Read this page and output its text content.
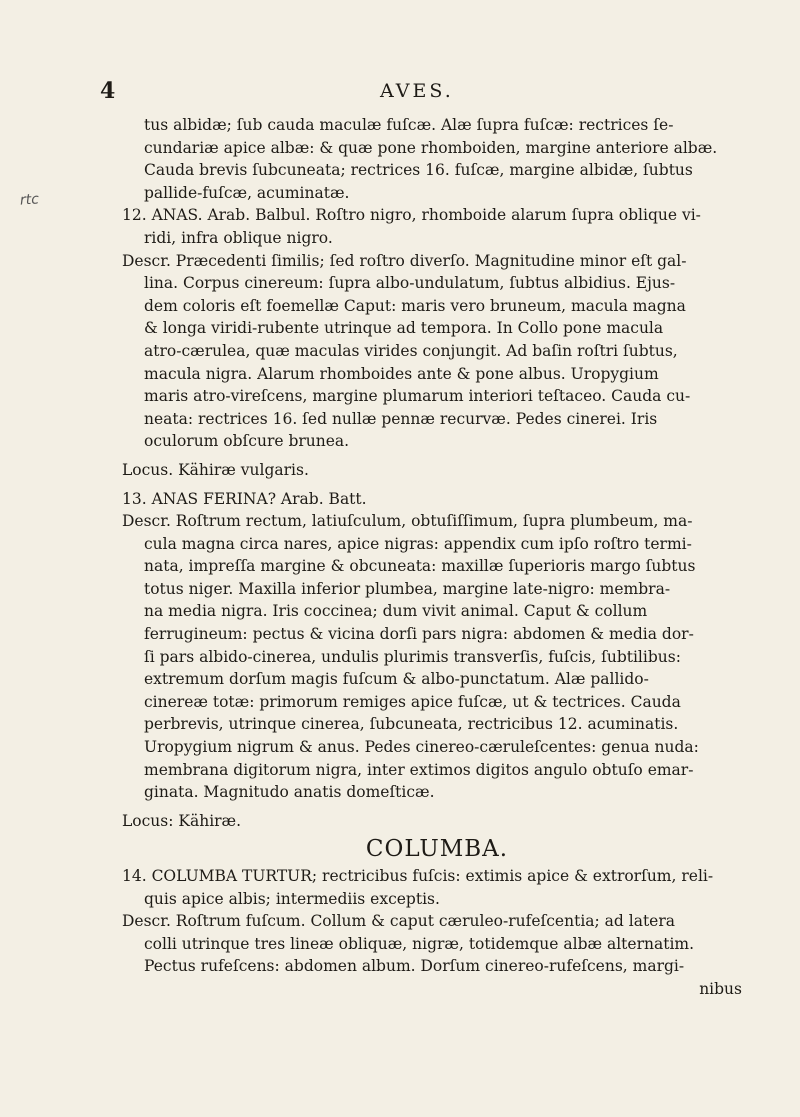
4	AVES.
rtc
tus albidæ; ſub cauda maculæ fuſcæ. Alæ ſupra fuſcæ: rectrices ſe-
cundariæ apice albæ: & quæ pone rhomboiden, margine anteriore albæ.
Cauda brevis ſubcuneata; rectrices 16. fuſcæ, margine albidæ, ſubtus
pallide-fuſcæ, acuminatæ.
12. ANAS. Arab. Balbul. Roſtro nigro, rhomboide alarum ſupra oblique vi-
ridi, infra oblique nigro.
Descr. Præcedenti ſimilis; ſed roſtro diverſo. Magnitudine minor eſt gal-
lina. Corpus cinereum: ſupra albo-undulatum, ſubtus albidius. Ejus-
dem coloris eſt foemellæ Caput: maris vero bruneum, macula magna
& longa viridi-rubente utrinque ad tempora. In Collo pone macula
atro-cærulea, quæ maculas virides conjungit. Ad baſin roſtri ſubtus,
macula nigra. Alarum rhomboides ante & pone albus. Uropygium
maris atro-vireſcens, margine plumarum interiori teſtaceo. Cauda cu-
neata: rectrices 16. ſed nullæ pennæ recurvæ. Pedes cinerei. Iris
oculorum obſcure brunea.
Locus. Kähiræ vulgaris.
13. ANAS FERINA? Arab. Batt.
Descr. Roſtrum rectum, latiuſculum, obtuſiſſimum, ſupra plumbeum, ma-
cula magna circa nares, apice nigras: appendix cum ipſo roſtro termi-
nata, impreſſa margine & obcuneata: maxillæ ſuperioris margo ſubtus
totus niger. Maxilla inferior plumbea, margine late-nigro: membra-
na media nigra. Iris coccinea; dum vivit animal. Caput & collum
ferrugineum: pectus & vicina dorſi pars nigra: abdomen & media dor-
ſi pars albido-cinerea, undulis plurimis transverſis, fuſcis, ſubtilibus:
extremum dorſum magis fuſcum & albo-punctatum. Alæ pallido-
cinereæ totæ: primorum remiges apice fuſcæ, ut & tectrices. Cauda
perbrevis, utrinque cinerea, ſubcuneata, rectricibus 12. acuminatis.
Uropygium nigrum & anus. Pedes cinereo-cæruleſcentes: genua nuda:
membrana digitorum nigra, inter extimos digitos angulo obtuſo emar-
ginata. Magnitudo anatis domeſticæ.
Locus: Kähiræ.
COLUMBA.
14. COLUMBA TURTUR; rectricibus fuſcis: extimis apice & extrorſum, reli-
quis apice albis; intermediis exceptis.
Descr. Roſtrum fuſcum. Collum & caput cæruleo-rufeſcentia; ad latera
colli utrinque tres lineæ obliquæ, nigræ, totidemque albæ alternatim.
Pectus rufeſcens: abdomen album. Dorſum cinereo-rufeſcens, margi-
nibus
